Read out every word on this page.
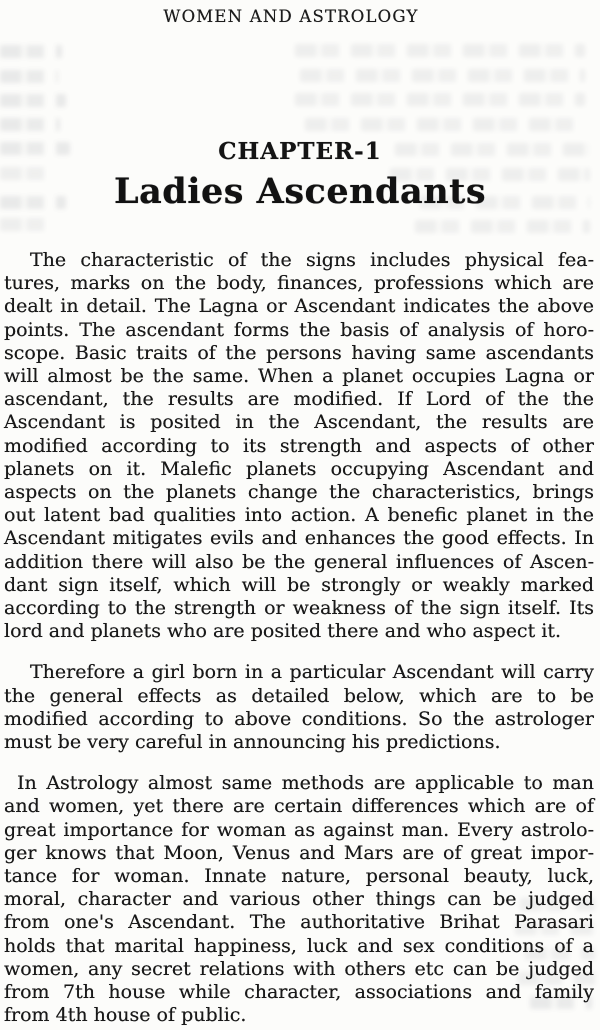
WOMEN AND ASTROLOGY
CHAPTER-1
Ladies Ascendants
The characteristic of the signs includes physical fea-
tures, marks on the body, finances, professions which are
dealt in detail. The Lagna or Ascendant indicates the above
points. The ascendant forms the basis of analysis of horo-
scope. Basic traits of the persons having same ascendants
will almost be the same. When a planet occupies Lagna or
ascendant, the results are modified. If Lord of the the
Ascendant is posited in the Ascendant, the results are
modified according to its strength and aspects of other
planets on it. Malefic planets occupying Ascendant and
aspects on the planets change the characteristics, brings
out latent bad qualities into action. A benefic planet in the
Ascendant mitigates evils and enhances the good effects. In
addition there will also be the general influences of Ascen-
dant sign itself, which will be strongly or weakly marked
according to the strength or weakness of the sign itself. Its
lord and planets who are posited there and who aspect it.
Therefore a girl born in a particular Ascendant will carry
the general effects as detailed below, which are to be
modified according to above conditions. So the astrologer
must be very careful in announcing his predictions.
In Astrology almost same methods are applicable to man
and women, yet there are certain differences which are of
great importance for woman as against man. Every astrolo-
ger knows that Moon, Venus and Mars are of great impor-
tance for woman. Innate nature, personal beauty, luck,
moral, character and various other things can be judged
from one's Ascendant. The authoritative Brihat Parasari
holds that marital happiness, luck and sex conditions of a
women, any secret relations with others etc can be judged
from 7th house while character, associations and family
from 4th house of public.
